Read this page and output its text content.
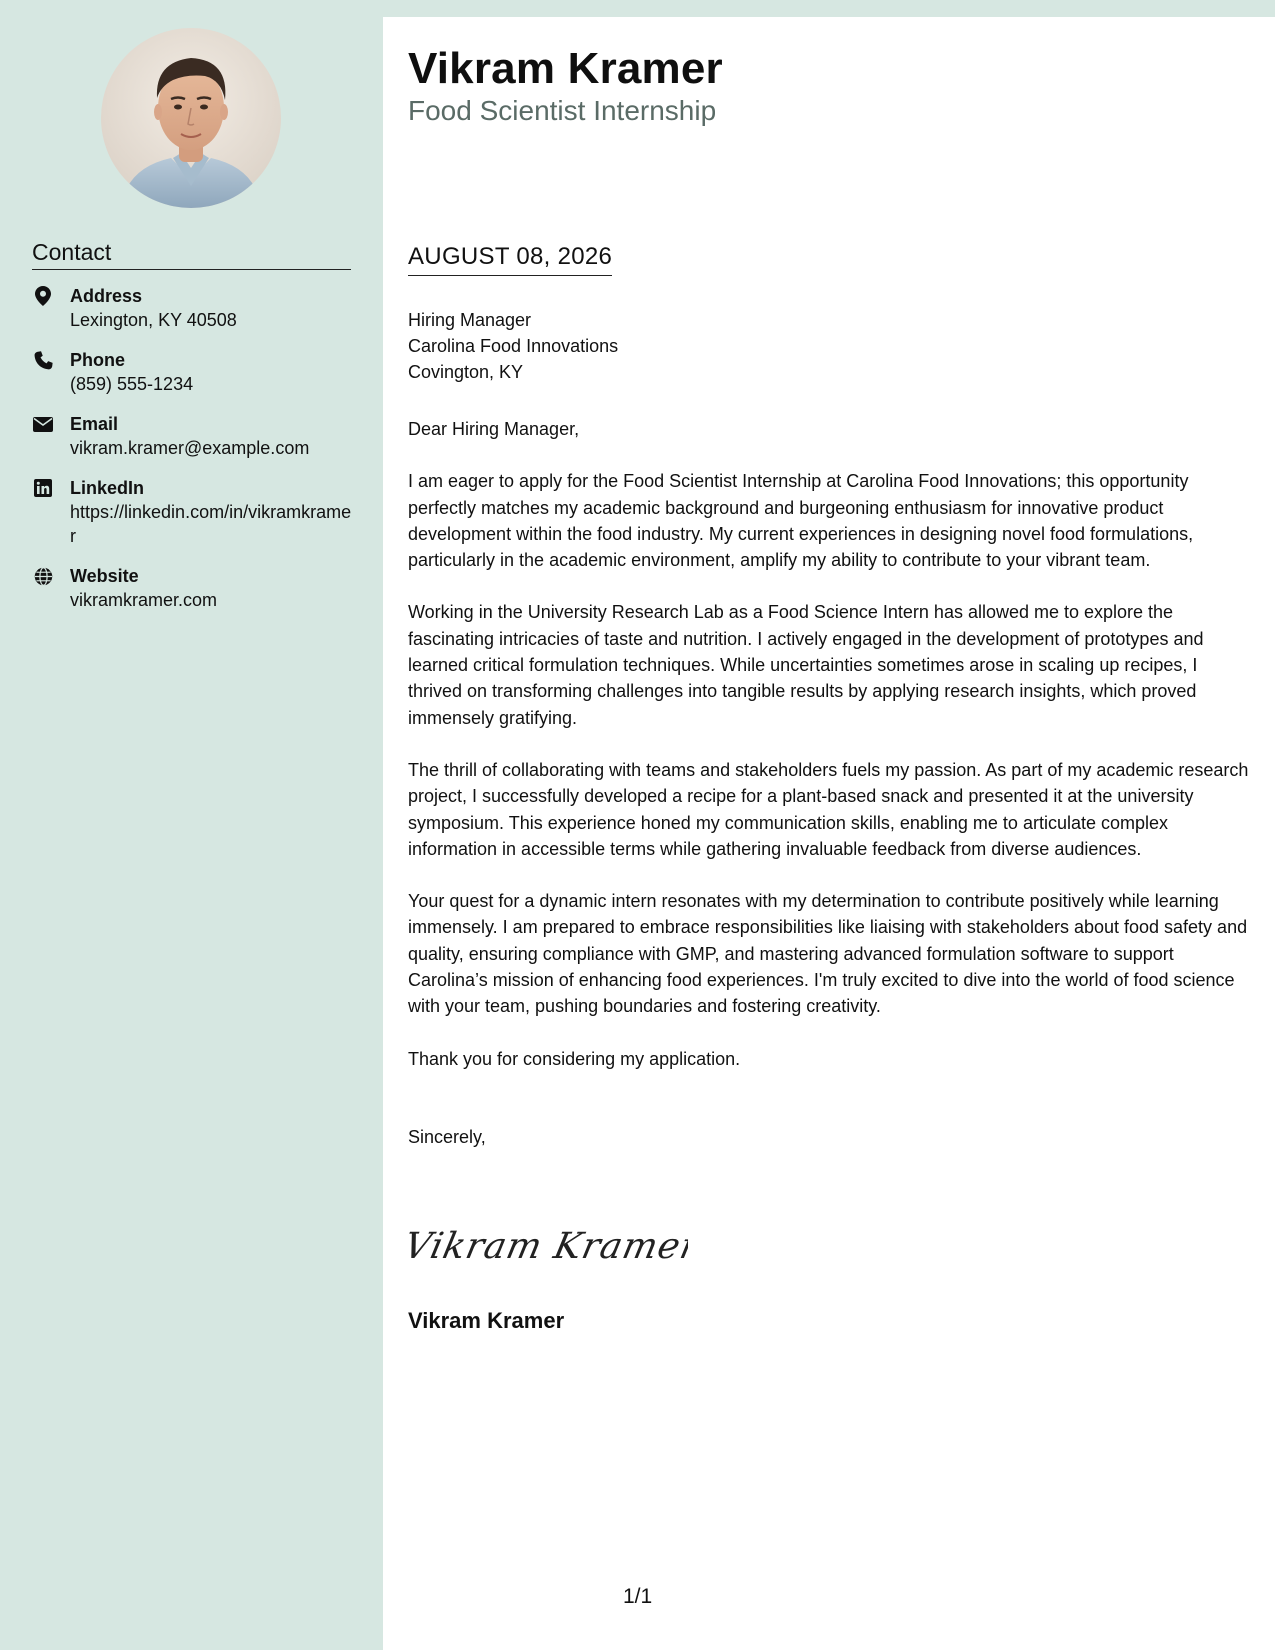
Contact
Address
Lexington, KY 40508
Phone
(859) 555-1234
Email
vikram.kramer@example.com
LinkedIn
https://linkedin.com/in/vikramkramer
Website
vikramkramer.com
Vikram Kramer
Food Scientist Internship
AUGUST 08, 2026
Hiring Manager
Carolina Food Innovations
Covington, KY

Dear Hiring Manager,

I am eager to apply for the Food Scientist Internship at Carolina Food Innovations; this opportunity perfectly matches my academic background and burgeoning enthusiasm for innovative product development within the food industry. My current experiences in designing novel food formulations, particularly in the academic environment, amplify my ability to contribute to your vibrant team.

Working in the University Research Lab as a Food Science Intern has allowed me to explore the fascinating intricacies of taste and nutrition. I actively engaged in the development of prototypes and learned critical formulation techniques. While uncertainties sometimes arose in scaling up recipes, I thrived on transforming challenges into tangible results by applying research insights, which proved immensely gratifying.

The thrill of collaborating with teams and stakeholders fuels my passion. As part of my academic research project, I successfully developed a recipe for a plant-based snack and presented it at the university symposium. This experience honed my communication skills, enabling me to articulate complex information in accessible terms while gathering invaluable feedback from diverse audiences.

Your quest for a dynamic intern resonates with my determination to contribute positively while learning immensely. I am prepared to embrace responsibilities like liaising with stakeholders about food safety and quality, ensuring compliance with GMP, and mastering advanced formulation software to support Carolina’s mission of enhancing food experiences. I'm truly excited to dive into the world of food science with your team, pushing boundaries and fostering creativity.

Thank you for considering my application.

Sincerely,

Vikram Kramer
Vikram Kramer
1/1
